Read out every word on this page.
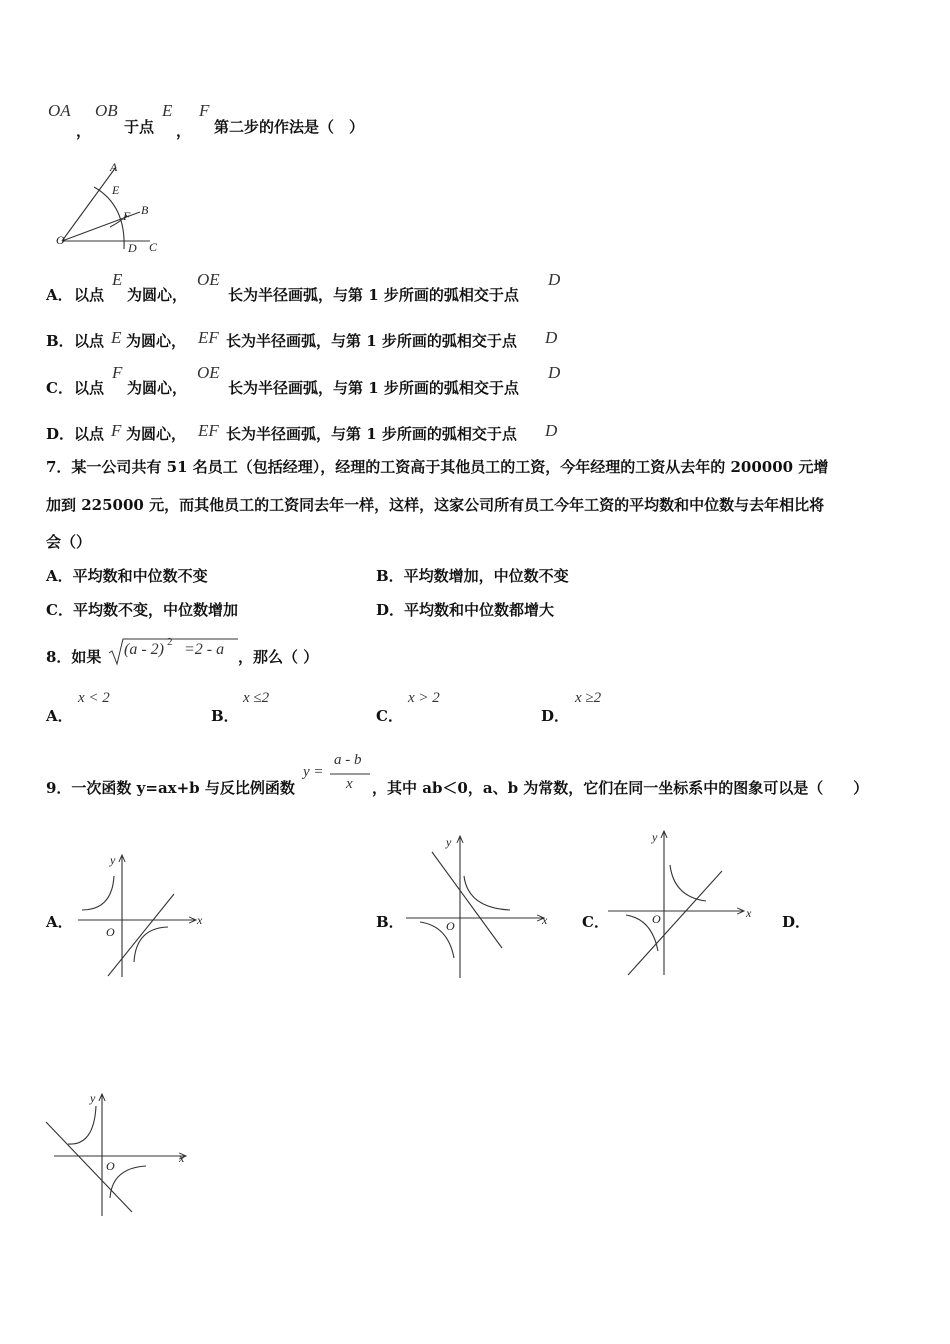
OA
，
OB
于点
E
，
F
第二步的作法是（　）
A
E
B
F
O
D C
A． 以点
E
为圆心，
OE
长为半径画弧，与第 1 步所画的弧相交于点
D
B． 以点 E 为圆心， EF 长为半径画弧，与第 1 步所画的弧相交于点 D
C． 以点
F
为圆心，
OE
长为半径画弧，与第 1 步所画的弧相交于点
D
D． 以点 F 为圆心， EF 长为半径画弧，与第 1 步所画的弧相交于点 D
7．某一公司共有 51 名员工（包括经理），经理的工资高于其他员工的工资，今年经理的工资从去年的 200000 元增
加到 225000 元，而其他员工的工资同去年一样，这样，这家公司所有员工今年工资的平均数和中位数与去年相比将
会（）
A．平均数和中位数不变	B．平均数增加，中位数不变
C．平均数不变，中位数增加	D．平均数和中位数都增大
8．如果 (a - 2) 2 =2 - a ，那么（ ）
A．
x < 2
B．
x ≤2
C．
x > 2
D．
x ≥2
9．一次函数 y=ax+b 与反比例函数
y =
a - b
x ，其中 ab＜0，a、b 为常数，它们在同一坐标系中的图象可以是（　　）
A．	B．	C．	D．
x
y
O
x
y
O
x
y
O
x
y
O
